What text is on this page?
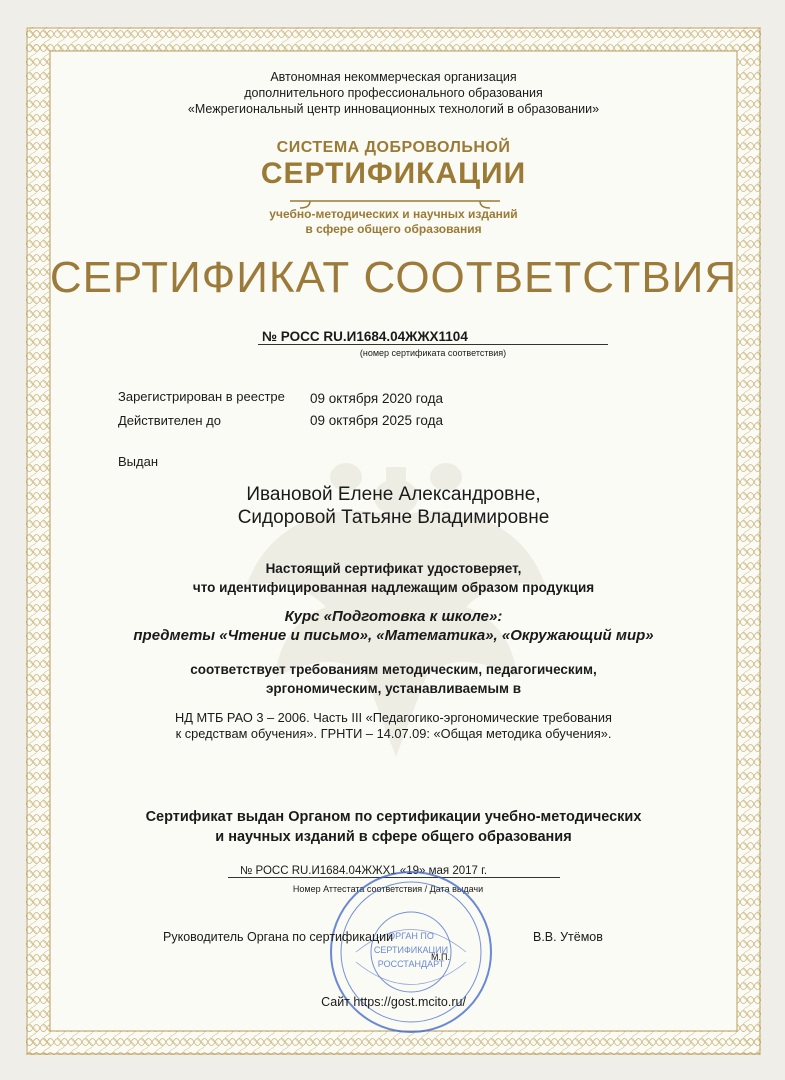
Автономная некоммерческая организация
дополнительного профессионального образования
«Межрегиональный центр инновационных технологий в образовании»
СИСТЕМА ДОБРОВОЛЬНОЙ
СЕРТИФИКАЦИИ
учебно-методических и научных изданий
в сфере общего образования
СЕРТИФИКАТ СООТВЕТСТВИЯ
№ РОСС RU.И1684.04ЖЖХ1104
(номер сертификата соответствия)
Зарегистрирован в реестре 09 октября 2020 года
Действителен до	09 октября 2025 года
Выдан
Ивановой Елене Александровне,
Сидоровой Татьяне Владимировне
Настоящий сертификат удостоверяет,
что идентифицированная надлежащим образом продукция
Курс «Подготовка к школе»:
предметы «Чтение и письмо», «Математика», «Окружающий мир»
соответствует требованиям методическим, педагогическим,
эргономическим, устанавливаемым в
НД МТБ РАО 3 – 2006. Часть III «Педагогико-эргономические требования
к средствам обучения». ГРНТИ – 14.07.09: «Общая методика обучения».
Сертификат выдан Органом по сертификации учебно-методических
и научных изданий в сфере общего образования
№ РОСС RU.И1684.04ЖЖХ1 «19» мая 2017 г.
Номер Аттестата соответствия / Дата выдачи
ОРГАН ПО
СЕРТИФИКАЦИИ
РОССТАНДАРТ
Руководитель Органа по сертификации	В.В. Утёмов
М.П.
Сайт https://gost.mcito.ru/
